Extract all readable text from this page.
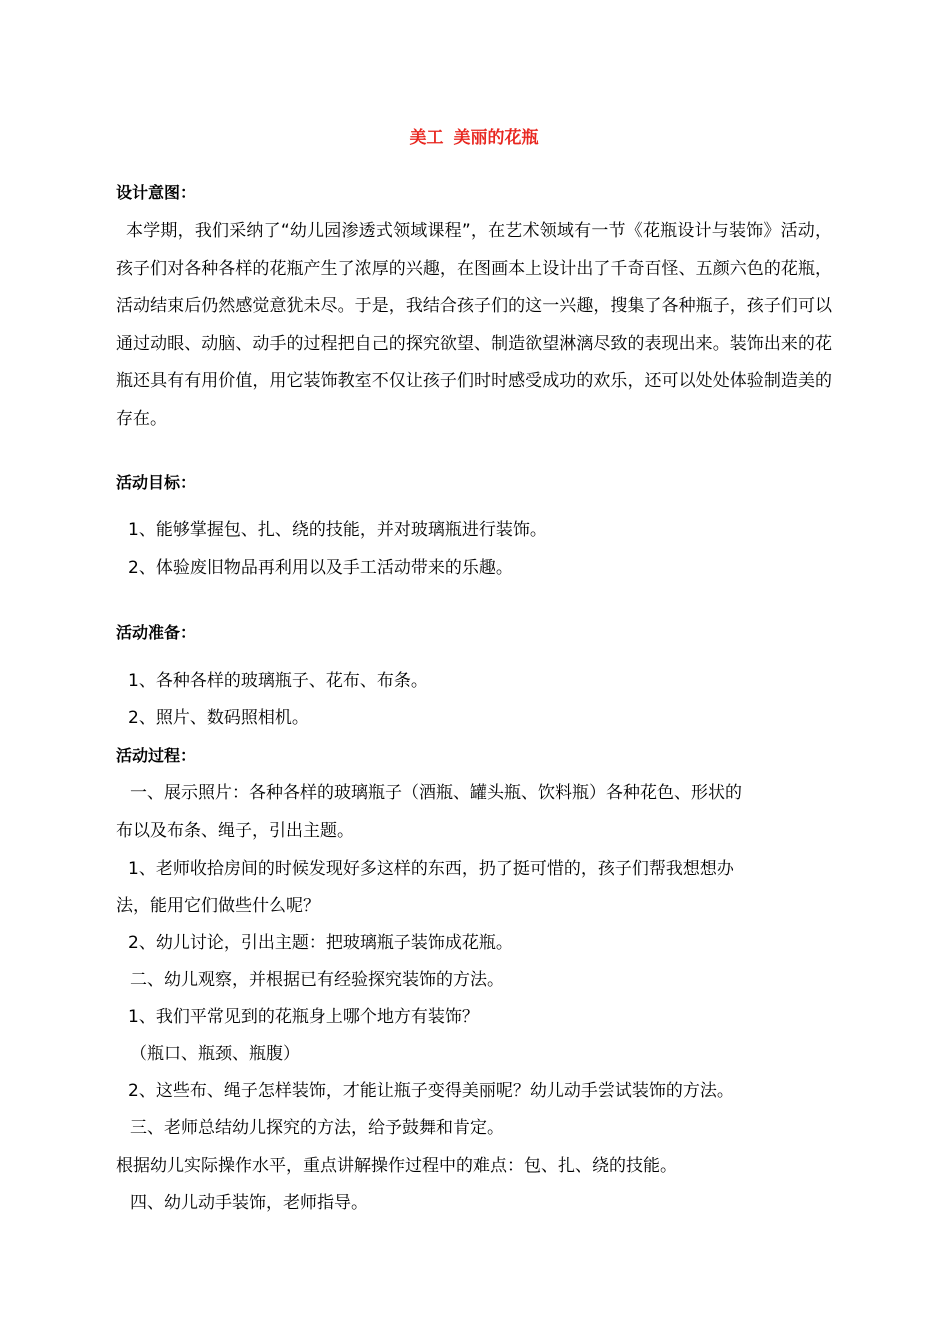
美工 美丽的花瓶
设计意图：
本学期，我们采纳了“幼儿园渗透式领域课程”，在艺术领域有一节《花瓶设计与装饰》活动，孩子们对各种各样的花瓶产生了浓厚的兴趣，在图画本上设计出了千奇百怪、五颜六色的花瓶，活动结束后仍然感觉意犹未尽。于是，我结合孩子们的这一兴趣，搜集了各种瓶子，孩子们可以通过动眼、动脑、动手的过程把自己的探究欲望、制造欲望淋漓尽致的表现出来。装饰出来的花瓶还具有有用价值，用它装饰教室不仅让孩子们时时感受成功的欢乐，还可以处处体验制造美的存在。
活动目标：
1、能够掌握包、扎、绕的技能，并对玻璃瓶进行装饰。
2、体验废旧物品再利用以及手工活动带来的乐趣。
活动准备：
1、各种各样的玻璃瓶子、花布、布条。
2、照片、数码照相机。
活动过程：
一、展示照片：各种各样的玻璃瓶子（酒瓶、罐头瓶、饮料瓶）各种花色、形状的
布以及布条、绳子，引出主题。
1、老师收拾房间的时候发现好多这样的东西，扔了挺可惜的，孩子们帮我想想办
法，能用它们做些什么呢？
2、幼儿讨论，引出主题：把玻璃瓶子装饰成花瓶。
二、幼儿观察，并根据已有经验探究装饰的方法。
1、我们平常见到的花瓶身上哪个地方有装饰？
（瓶口、瓶颈、瓶腹）
2、这些布、绳子怎样装饰，才能让瓶子变得美丽呢？幼儿动手尝试装饰的方法。
三、老师总结幼儿探究的方法，给予鼓舞和肯定。
根据幼儿实际操作水平，重点讲解操作过程中的难点：包、扎、绕的技能。
四、幼儿动手装饰，老师指导。
